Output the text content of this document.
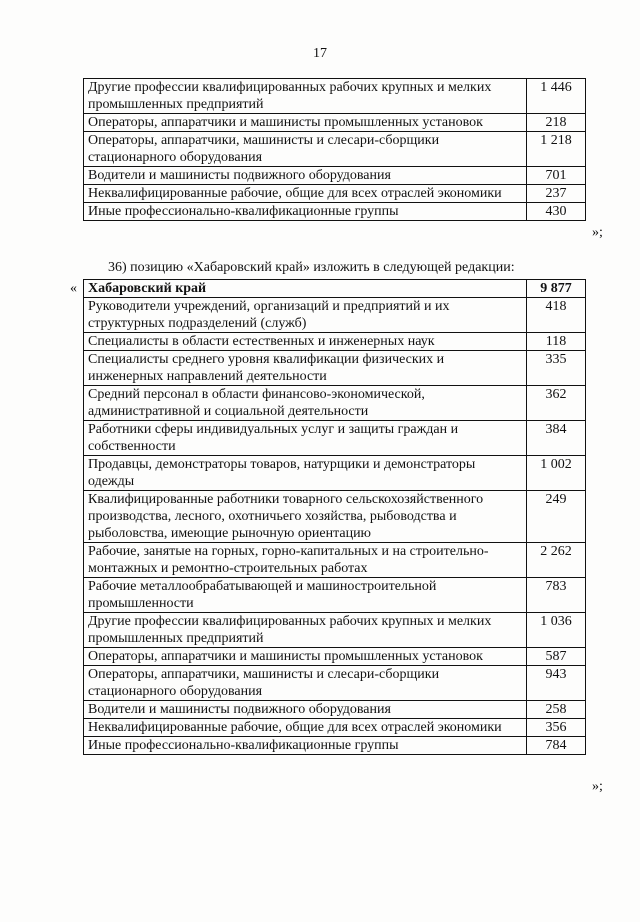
17
Другие профессии квалифицированных рабочих крупных и мелких промышленных предприятий	1 446
Операторы, аппаратчики и машинисты промышленных установок	218
Операторы, аппаратчики, машинисты и слесари-сборщики стационарного оборудования	1 218
Водители и машинисты подвижного оборудования	701
Неквалифицированные рабочие, общие для всех отраслей экономики	237
Иные профессионально-квалификационные группы	430
»;
36) позицию «Хабаровский край» изложить в следующей редакции:
« Хабаровский край	9 877
Руководители учреждений, организаций и предприятий и их структурных подразделений (служб)	418
Специалисты в области естественных и инженерных наук	118
Специалисты среднего уровня квалификации физических и инженерных направлений деятельности	335
Средний персонал в области финансово-экономической, административной и социальной деятельности	362
Работники сферы индивидуальных услуг и защиты граждан и собственности	384
Продавцы, демонстраторы товаров, натурщики и демонстраторы одежды	1 002
Квалифицированные работники товарного сельскохозяйственного производства, лесного, охотничьего хозяйства, рыбоводства и рыболовства, имеющие рыночную ориентацию	249
Рабочие, занятые на горных, горно-капитальных и на строительно-монтажных и ремонтно-строительных работах	2 262
Рабочие металлообрабатывающей и машиностроительной промышленности	783
Другие профессии квалифицированных рабочих крупных и мелких промышленных предприятий	1 036
Операторы, аппаратчики и машинисты промышленных установок	587
Операторы, аппаратчики, машинисты и слесари-сборщики стационарного оборудования	943
Водители и машинисты подвижного оборудования	258
Неквалифицированные рабочие, общие для всех отраслей экономики	356
Иные профессионально-квалификационные группы	784
»;
